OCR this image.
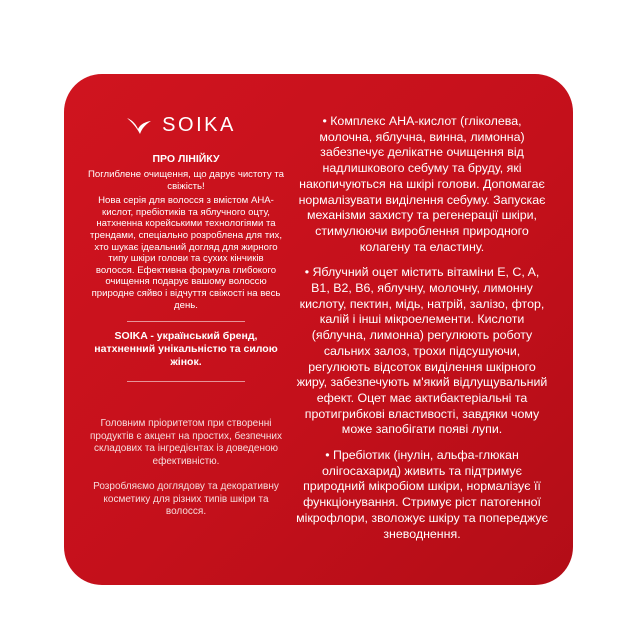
SOIKA

ПРО ЛІНІЙКУ

Поглиблене очищення, що дарує чистоту та свіжість!

Нова серія для волосся з вмістом AHA-кислот, пребіотиків та яблучного оцту, натхненна корейськими технологіями та трендами, спеціально розроблена для тих, хто шукає ідеальний догляд для жирного типу шкіри голови та сухих кінчиків волосся. Ефективна формула глибокого очищення подарує вашому волоссю природне сяйво і відчуття свіжості на весь день.

SOIKA - український бренд, натхненний унікальністю та силою жінок.

Головним пріоритетом при створенні продуктів є акцент на простих, безпечних складових та інгредієнтах із доведеною ефективністю.

Розробляємо доглядову та декоративну косметику для різних типів шкіри та волосся.

• Комплекс AHA-кислот (гліколева, молочна, яблучна, винна, лимонна) забезпечує делікатне очищення від надлишкового себуму та бруду, які накопичуються на шкірі голови. Допомагає нормалізувати виділення себуму. Запускає механізми захисту та регенерації шкіри, стимулюючи вироблення природного колагену та еластину.

• Яблучний оцет містить вітаміни E, C, A, B1, B2, B6, яблучну, молочну, лимонну кислоту, пектин, мідь, натрій, залізо, фтор, калій і інші мікроелементи. Кислоти (яблучна, лимонна) регулюють роботу сальних залоз, трохи підсушуючи, регулюють відсоток виділення шкірного жиру, забезпечують м'який відлущувальний ефект. Оцет має актибактеріальні та протигрибкові властивості, завдяки чому може запобігати появі лупи.

• Пребіотик (інулін, альфа-глюкан олігосахарид) живить та підтримує природний мікробіом шкіри, нормалізує її функціонування. Стримує ріст патогенної мікрофлори, зволожує шкіру та попереджує зневоднення.
